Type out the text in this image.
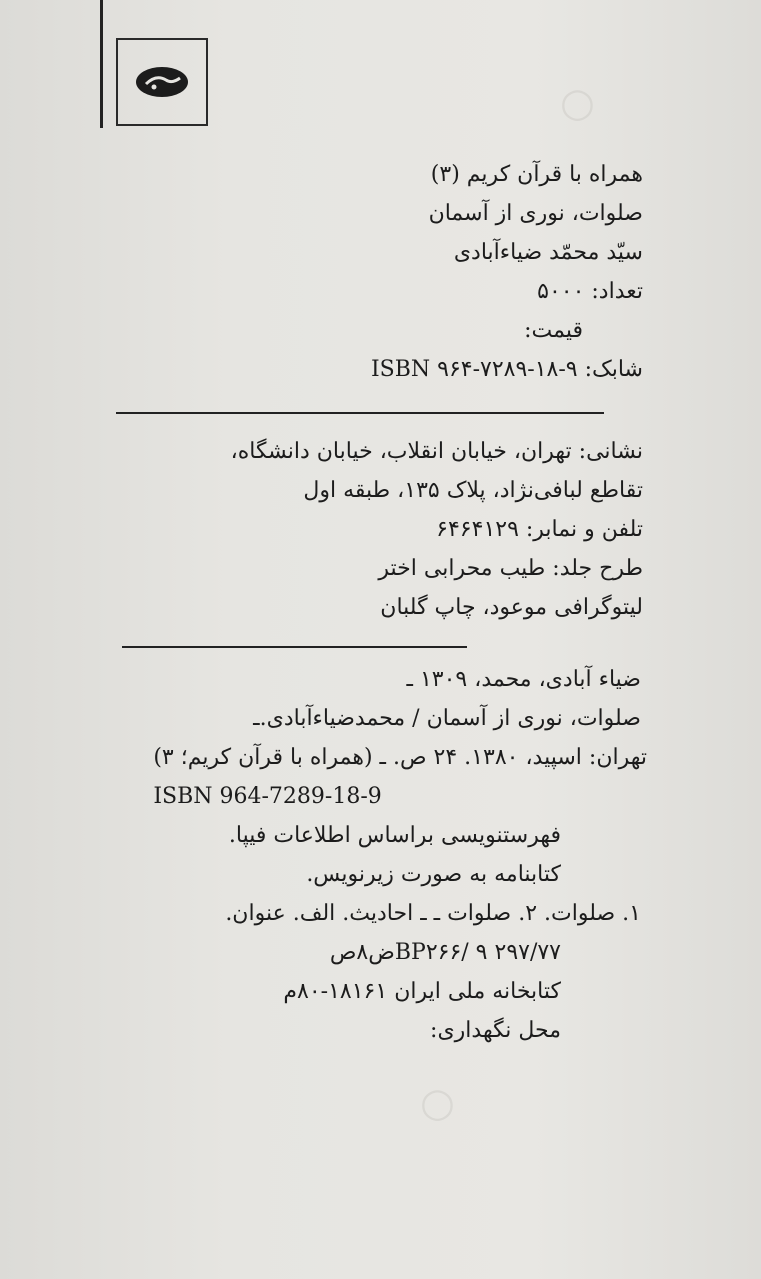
○
○
همراه با قرآن کریم (۳)
صلوات، نوری از آسمان
سیّد محمّد ضیاءآبادی
تعداد: ۵۰۰۰
قیمت:
شابک: ISBN ۹۶۴-۷۲۸۹-۱۸-۹
نشانی: تهران، خیابان انقلاب، خیابان دانشگاه،
تقاطع لبافی‌نژاد، پلاک ۱۳۵، طبقه اول
تلفن و نمابر: ۶۴۶۴۱۲۹
طرح جلد: طیب محرابی اختر
لیتوگرافی موعود، چاپ گلبان
ضیاء آبادی، محمد، ۱۳۰۹ ـ
صلوات، نوری از آسمان / محمدضیاءآبادی.ـ
تهران: اسپید، ۱۳۸۰. ۲۴ ص. ـ (همراه با قرآن کریم؛ ۳)
ISBN 964-7289-18-9
فهرستنویسی براساس اطلاعات فیپا.
کتابنامه به صورت زیرنویس.
۱. صلوات. ۲. صلوات ـ ـ احادیث. الف. عنوان.
۲۹۷/۷۷ BP۲۶۶/ ۹ض۸ص
کتابخانه ملی ایران ۱۸۱۶۱-۸۰م
محل نگهداری:
